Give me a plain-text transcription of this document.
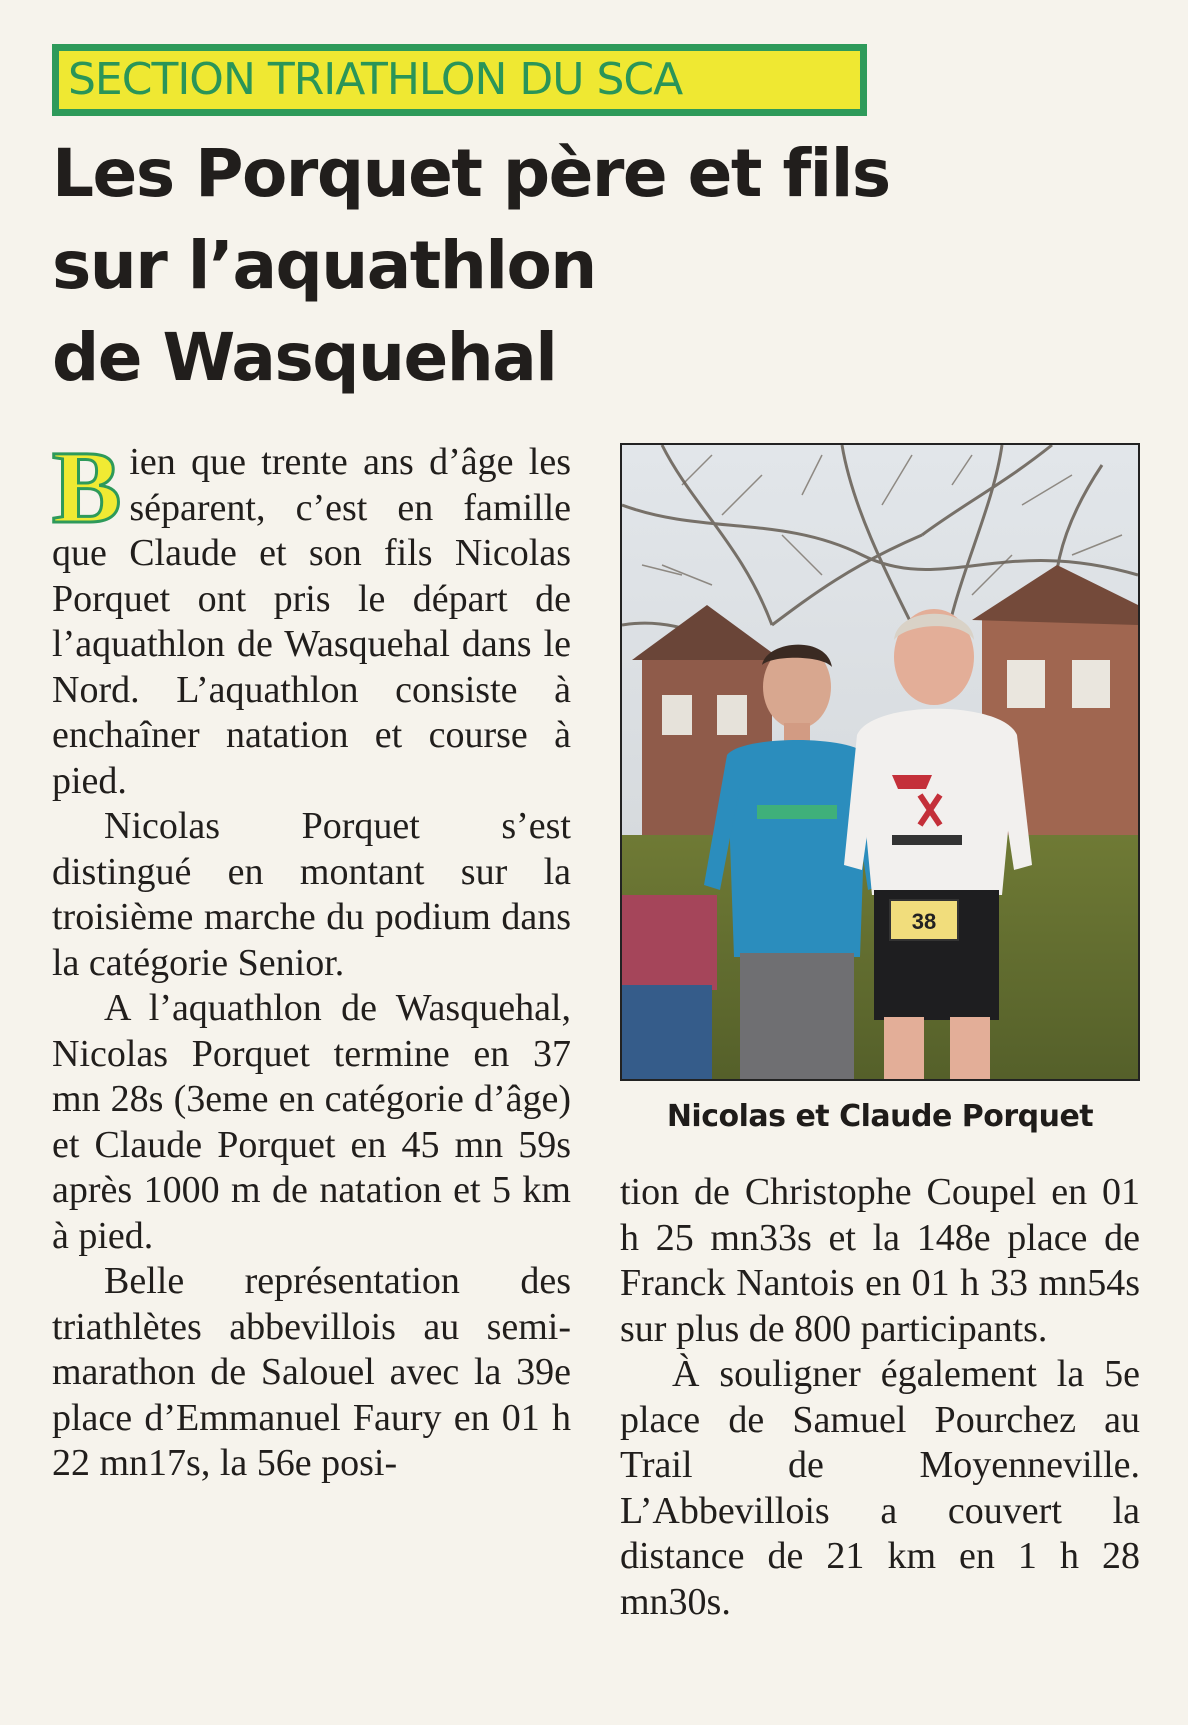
SECTION TRIATHLON DU SCA
Les Porquet père et fils
sur l’aquathlon
de Wasquehal

Bien que trente ans d’âge les séparent, c’est en famille que Claude et son fils Nicolas Porquet ont pris le départ de l’aquathlon de Wasquehal dans le Nord. L’aquathlon consiste à enchaîner natation et course à pied.

Nicolas Porquet s’est distingué en montant sur la troisième marche du podium dans la catégorie Senior.

A l’aquathlon de Wasquehal, Nicolas Porquet termine en 37 mn 28s (3eme en catégorie d’âge) et Claude Porquet en 45 mn 59s après 1000 m de natation et 5 km à pied.

Belle représentation des triathlètes abbevillois au semi-marathon de Salouel avec la 39e place d’Emmanuel Faury en 01 h 22 mn17s, la 56e posi-

38
Nicolas et Claude Porquet

tion de Christophe Coupel en 01 h 25 mn33s et la 148e place de Franck Nantois en 01 h 33 mn54s sur plus de 800 participants.

À souligner également la 5e place de Samuel Pourchez au Trail de Moyenneville. L’Abbevillois a couvert la distance de 21 km en 1 h 28 mn30s.
